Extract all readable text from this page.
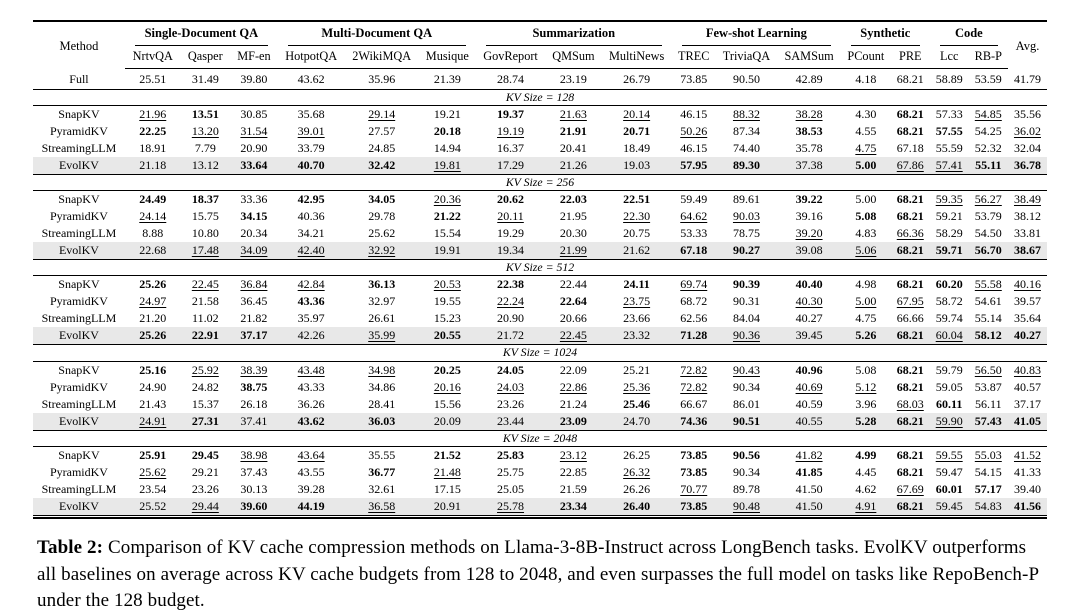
Method	Single-Document QA			Multi-Document QA			Summarization			Few-shot Learning			Synthetic		Code		Avg.
	NrtvQA	Qasper	MF-en	HotpotQA	2WikiMQA	Musique	GovReport	QMSum	MultiNews	TREC	TriviaQA	SAMSum	PCount	PRE	Lcc	RB-P	
Full	25.51	31.49	39.80	43.62	35.96	21.39	28.74	23.19	26.79	73.85	90.50	42.89	4.18	68.21	58.89	53.59	41.79
KV Size = 128																	
SnapKV	21.96	13.51	30.85	35.68	29.14	19.21	19.37	21.63	20.14	46.15	88.32	38.28	4.30	68.21	57.33	54.85	35.56
PyramidKV	22.25	13.20	31.54	39.01	27.57	20.18	19.19	21.91	20.71	50.26	87.34	38.53	4.55	68.21	57.55	54.25	36.02
StreamingLLM	18.91	7.79	20.90	33.79	24.85	14.94	16.37	20.41	18.49	46.15	74.40	35.78	4.75	67.18	55.59	52.32	32.04
EvolKV	21.18	13.12	33.64	40.70	32.42	19.81	17.29	21.26	19.03	57.95	89.30	37.38	5.00	67.86	57.41	55.11	36.78
KV Size = 256																	
SnapKV	24.49	18.37	33.36	42.95	34.05	20.36	20.62	22.03	22.51	59.49	89.61	39.22	5.00	68.21	59.35	56.27	38.49
PyramidKV	24.14	15.75	34.15	40.36	29.78	21.22	20.11	21.95	22.30	64.62	90.03	39.16	5.08	68.21	59.21	53.79	38.12
StreamingLLM	8.88	10.80	20.34	34.21	25.62	15.54	19.29	20.30	20.75	53.33	78.75	39.20	4.83	66.36	58.29	54.50	33.81
EvolKV	22.68	17.48	34.09	42.40	32.92	19.91	19.34	21.99	21.62	67.18	90.27	39.08	5.06	68.21	59.71	56.70	38.67
KV Size = 512																	
SnapKV	25.26	22.45	36.84	42.84	36.13	20.53	22.38	22.44	24.11	69.74	90.39	40.40	4.98	68.21	60.20	55.58	40.16
PyramidKV	24.97	21.58	36.45	43.36	32.97	19.55	22.24	22.64	23.75	68.72	90.31	40.30	5.00	67.95	58.72	54.61	39.57
StreamingLLM	21.20	11.02	21.82	35.97	26.61	15.23	20.90	20.66	23.66	62.56	84.04	40.27	4.75	66.66	59.74	55.14	35.64
EvolKV	25.26	22.91	37.17	42.26	35.99	20.55	21.72	22.45	23.32	71.28	90.36	39.45	5.26	68.21	60.04	58.12	40.27
KV Size = 1024																	
SnapKV	25.16	25.92	38.39	43.48	34.98	20.25	24.05	22.09	25.21	72.82	90.43	40.96	5.08	68.21	59.79	56.50	40.83
PyramidKV	24.90	24.82	38.75	43.33	34.86	20.16	24.03	22.86	25.36	72.82	90.34	40.69	5.12	68.21	59.05	53.87	40.57
StreamingLLM	21.43	15.37	26.18	36.26	28.41	15.56	23.26	21.24	25.46	66.67	86.01	40.59	3.96	68.03	60.11	56.11	37.17
EvolKV	24.91	27.31	37.41	43.62	36.03	20.09	23.44	23.09	24.70	74.36	90.51	40.55	5.28	68.21	59.90	57.43	41.05
KV Size = 2048																	
SnapKV	25.91	29.45	38.98	43.64	35.55	21.52	25.83	23.12	26.25	73.85	90.56	41.82	4.99	68.21	59.55	55.03	41.52
PyramidKV	25.62	29.21	37.43	43.55	36.77	21.48	25.75	22.85	26.32	73.85	90.34	41.85	4.45	68.21	59.47	54.15	41.33
StreamingLLM	23.54	23.26	30.13	39.28	32.61	17.15	25.05	21.59	26.26	70.77	89.78	41.50	4.62	67.69	60.01	57.17	39.40
EvolKV	25.52	29.44	39.60	44.19	36.58	20.91	25.78	23.34	26.40	73.85	90.48	41.50	4.91	68.21	59.45	54.83	41.56

Table 2: Comparison of KV cache compression methods on Llama-3-8B-Instruct across LongBench tasks. EvolKV outperforms all baselines on average across KV cache budgets from 128 to 2048, and even surpasses the full model on tasks like RepoBench-P under the 128 budget.
